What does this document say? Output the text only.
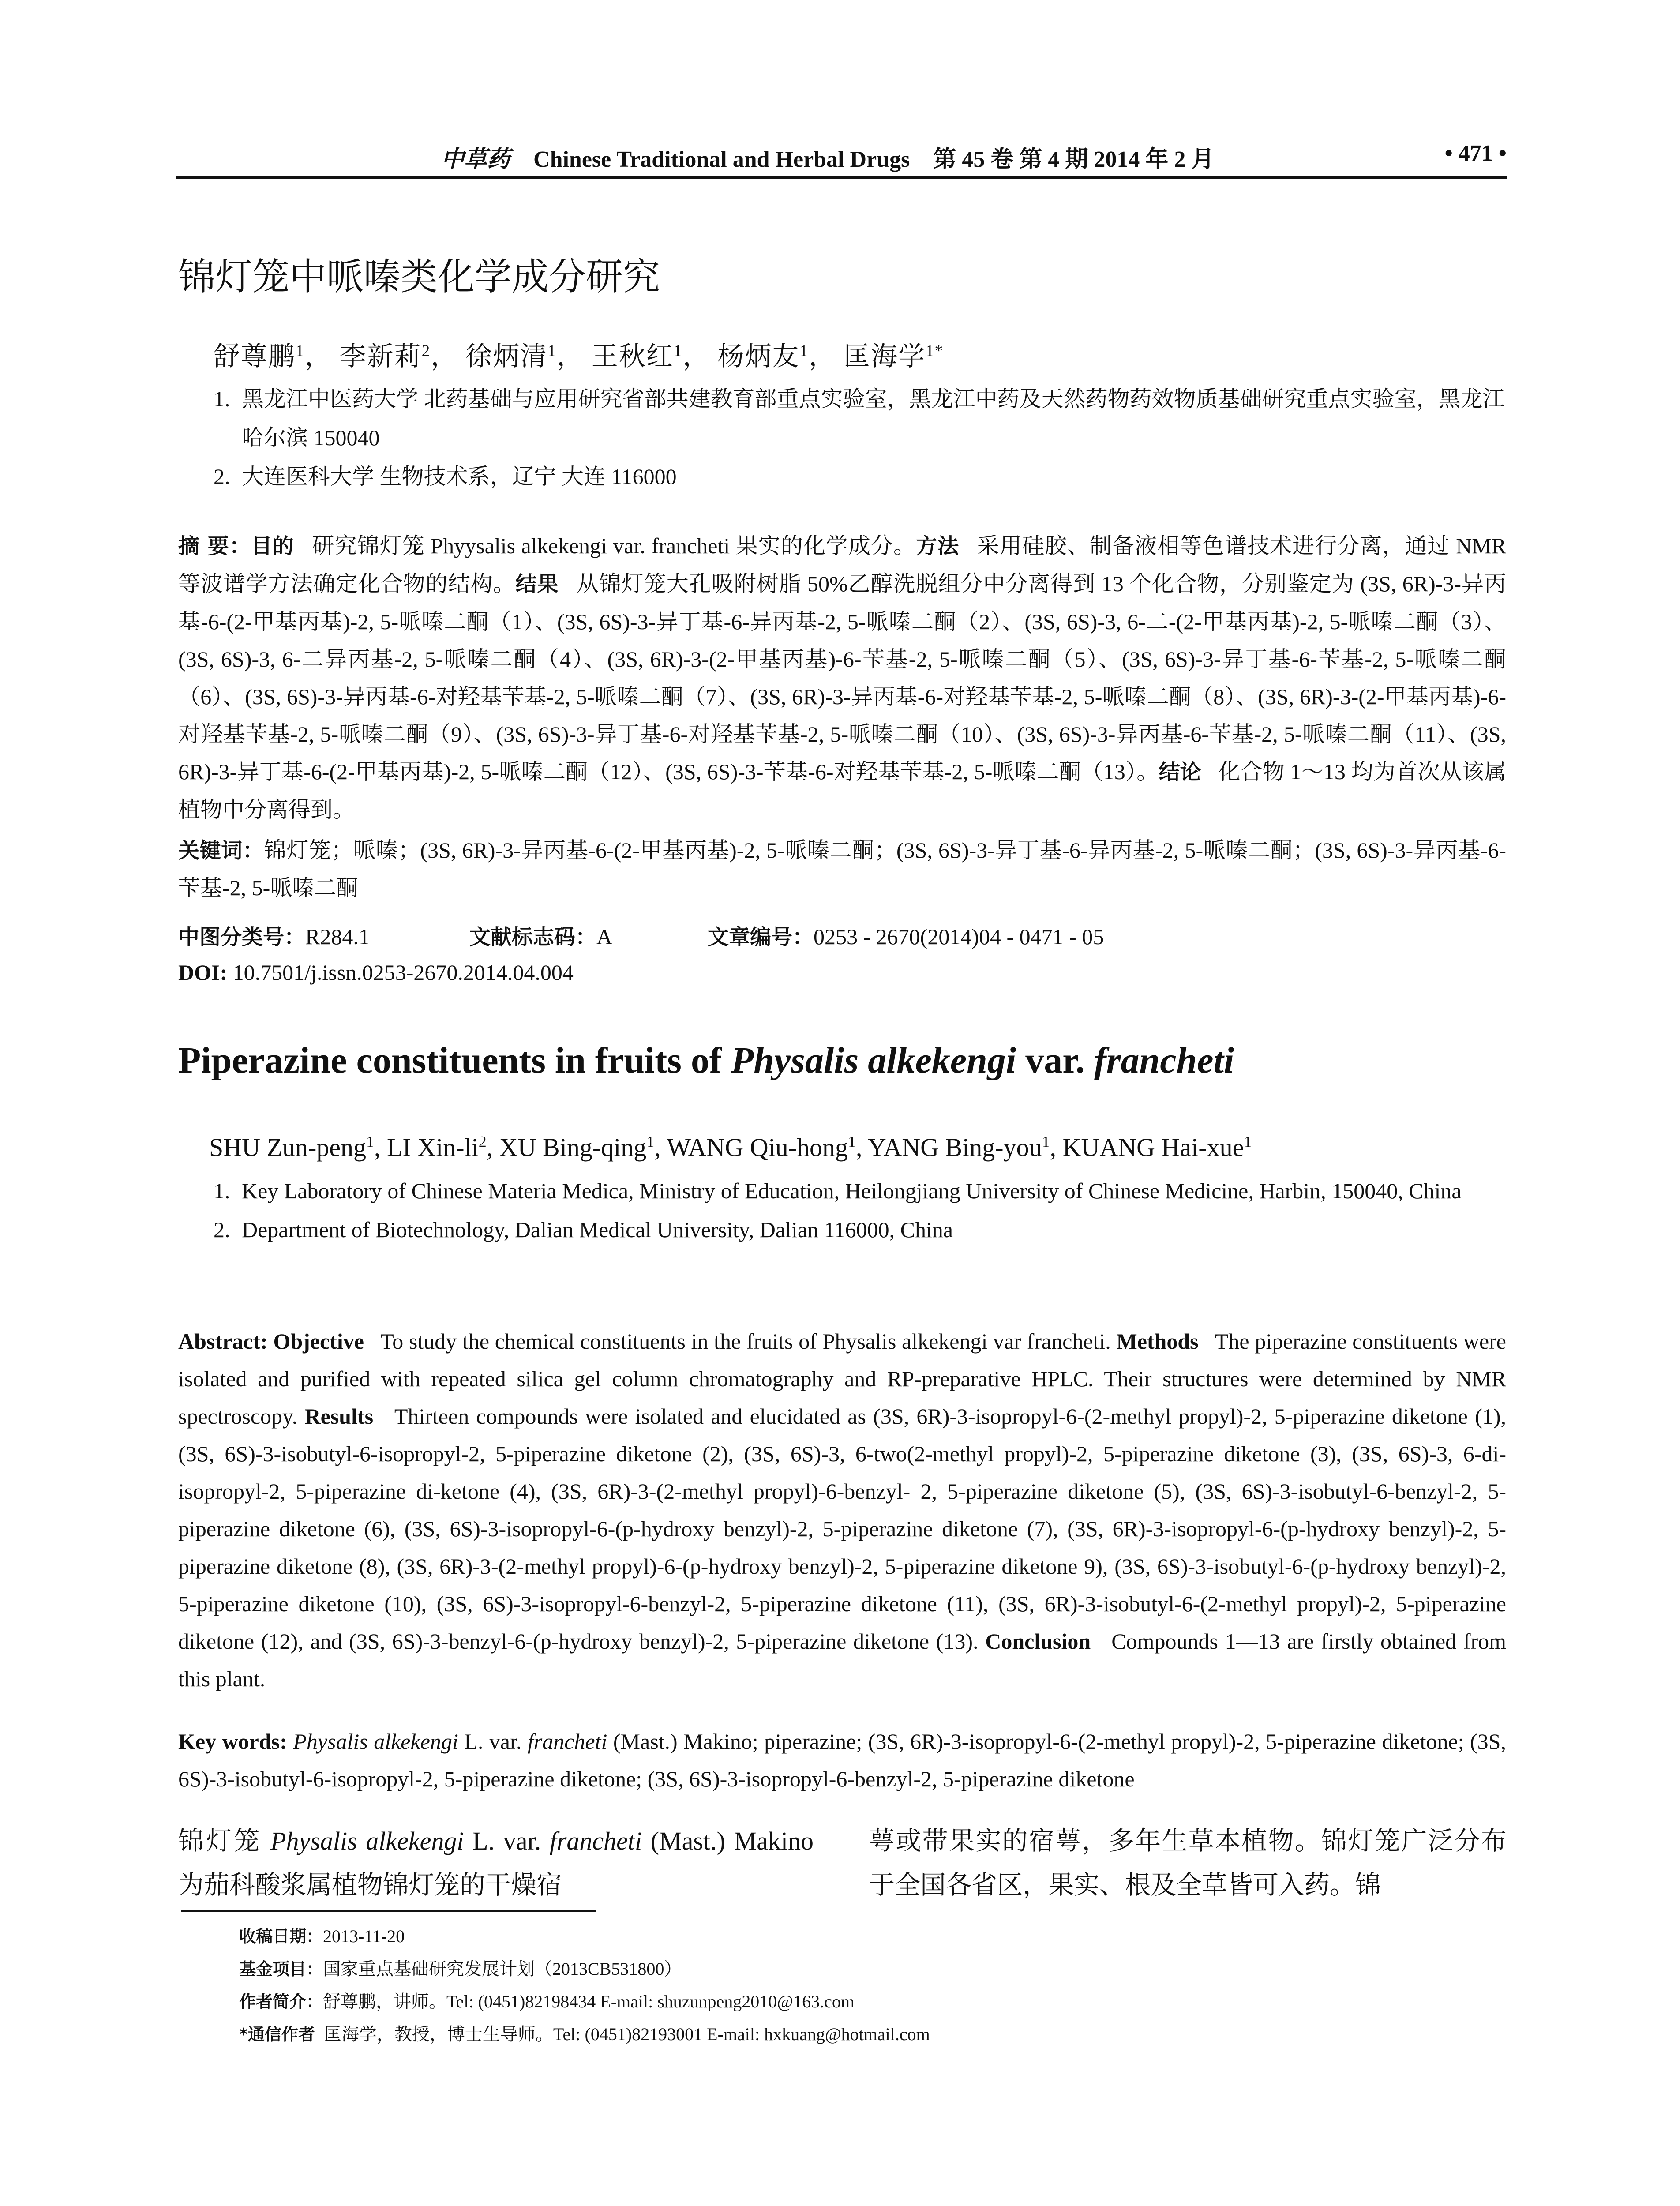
中草药 Chinese Traditional and Herbal Drugs 第 45 卷 第 4 期 2014 年 2 月	• 471 •
锦灯笼中哌嗪类化学成分研究
舒尊鹏$^1$， 李新莉$^2$， 徐炳清$^1$， 王秋红$^1$， 杨炳友$^1$， 匡海学$^{1*}$
1. 黑龙江中医药大学 北药基础与应用研究省部共建教育部重点实验室，黑龙江中药及天然药物药效物质基础研究重点实验室，黑龙江 哈尔滨 150040
2. 大连医科大学 生物技术系，辽宁 大连 116000
摘 要：目的 研究锦灯笼 Phyysalis alkekengi var. francheti 果实的化学成分。方法 采用硅胶、制备液相等色谱技术进行分离，通过 NMR 等波谱学方法确定化合物的结构。结果 从锦灯笼大孔吸附树脂 50%乙醇洗脱组分中分离得到 13 个化合物，分别鉴定为 (3S, 6R)-3-异丙基-6-(2-甲基丙基)-2, 5-哌嗪二酮（1）、(3S, 6S)-3-异丁基-6-异丙基-2, 5-哌嗪二酮（2）、(3S, 6S)-3, 6-二-(2-甲基丙基)-2, 5-哌嗪二酮（3）、(3S, 6S)-3, 6-二异丙基-2, 5-哌嗪二酮（4）、(3S, 6R)-3-(2-甲基丙基)-6-苄基-2, 5-哌嗪二酮（5）、(3S, 6S)-3-异丁基-6-苄基-2, 5-哌嗪二酮（6）、(3S, 6S)-3-异丙基-6-对羟基苄基-2, 5-哌嗪二酮（7）、(3S, 6R)-3-异丙基-6-对羟基苄基-2, 5-哌嗪二酮（8）、(3S, 6R)-3-(2-甲基丙基)-6-对羟基苄基-2, 5-哌嗪二酮（9）、(3S, 6S)-3-异丁基-6-对羟基苄基-2, 5-哌嗪二酮（10）、(3S, 6S)-3-异丙基-6-苄基-2, 5-哌嗪二酮（11）、(3S, 6R)-3-异丁基-6-(2-甲基丙基)-2, 5-哌嗪二酮（12）、(3S, 6S)-3-苄基-6-对羟基苄基-2, 5-哌嗪二酮（13）。结论 化合物 1～13 均为首次从该属植物中分离得到。
关键词：锦灯笼；哌嗪；(3S, 6R)-3-异丙基-6-(2-甲基丙基)-2, 5-哌嗪二酮；(3S, 6S)-3-异丁基-6-异丙基-2, 5-哌嗪二酮；(3S, 6S)-3-异丙基-6-苄基-2, 5-哌嗪二酮
中图分类号：R284.1	文献标志码：A	文章编号：0253 - 2670(2014)04 - 0471 - 05
DOI: 10.7501/j.issn.0253-2670.2014.04.004
Piperazine constituents in fruits of Physalis alkekengi var. francheti
SHU Zun-peng$^1$, LI Xin-$li^2$, XU Bing-qing$^1$, WANG Qiu-hong$^1$, YANG Bing-you$^1$, KUANG Hai-xue$^1$
1. Key Laboratory of Chinese Materia Medica, Ministry of Education, Heilongjiang University of Chinese Medicine, Harbin, 150040, China
2. Department of Biotechnology, Dalian Medical University, Dalian 116000, China
Abstract: Objective To study the chemical constituents in the fruits of Physalis alkekengi var francheti. Methods The piperazine constituents were isolated and purified with repeated silica gel column chromatography and RP-preparative HPLC. Their structures were determined by NMR spectroscopy. Results Thirteen compounds were isolated and elucidated as (3S, 6R)-3-isopropyl-6-(2-methyl propyl)-2, 5-piperazine diketone (1), (3S, 6S)-3-isobutyl-6-isopropyl-2, 5-piperazine diketone (2), (3S, 6S)-3, 6-two(2-methyl propyl)-2, 5-piperazine diketone (3), (3S, 6S)-3, 6-di-isopropyl-2, 5-piperazine di-ketone (4), (3S, 6R)-3-(2-methyl propyl)-6-benzyl- 2, 5-piperazine diketone (5), (3S, 6S)-3-isobutyl-6-benzyl-2, 5-piperazine diketone (6), (3S, 6S)-3-isopropyl-6-(p-hydroxy benzyl)-2, 5-piperazine diketone (7), (3S, 6R)-3-isopropyl-6-(p-hydroxy benzyl)-2, 5-piperazine diketone (8), (3S, 6R)-3-(2-methyl propyl)-6-(p-hydroxy benzyl)-2, 5-piperazine diketone 9), (3S, 6S)-3-isobutyl-6-(p-hydroxy benzyl)-2, 5-piperazine diketone (10), (3S, 6S)-3-isopropyl-6-benzyl-2, 5-piperazine diketone (11), (3S, 6R)-3-isobutyl-6-(2-methyl propyl)-2, 5-piperazine diketone (12), and (3S, 6S)-3-benzyl-6-(p-hydroxy benzyl)-2, 5-piperazine diketone (13). Conclusion Compounds 1—13 are firstly obtained from this plant.
Key words: Physalis alkekengi L. var. francheti (Mast.) Makino; piperazine; (3S, 6R)-3-isopropyl-6-(2-methyl propyl)-2, 5-piperazine diketone; (3S, 6S)-3-isobutyl-6-isopropyl-2, 5-piperazine diketone; (3S, 6S)-3-isopropyl-6-benzyl-2, 5-piperazine diketone
锦灯笼 Physalis alkekengi L. var. francheti (Mast.) Makino 为茄科酸浆属植物锦灯笼的干燥宿
萼或带果实的宿萼，多年生草本植物。锦灯笼广泛分布于全国各省区，果实、根及全草皆可入药。锦
收稿日期：2013-11-20
基金项目：国家重点基础研究发展计划（2013CB531800）
作者简介：舒尊鹏，讲师。Tel: (0451)82198434 E-mail: shuzunpeng2010@163.com
*通信作者 匡海学，教授，博士生导师。Tel: (0451)82193001 E-mail: hxkuang@hotmail.com
